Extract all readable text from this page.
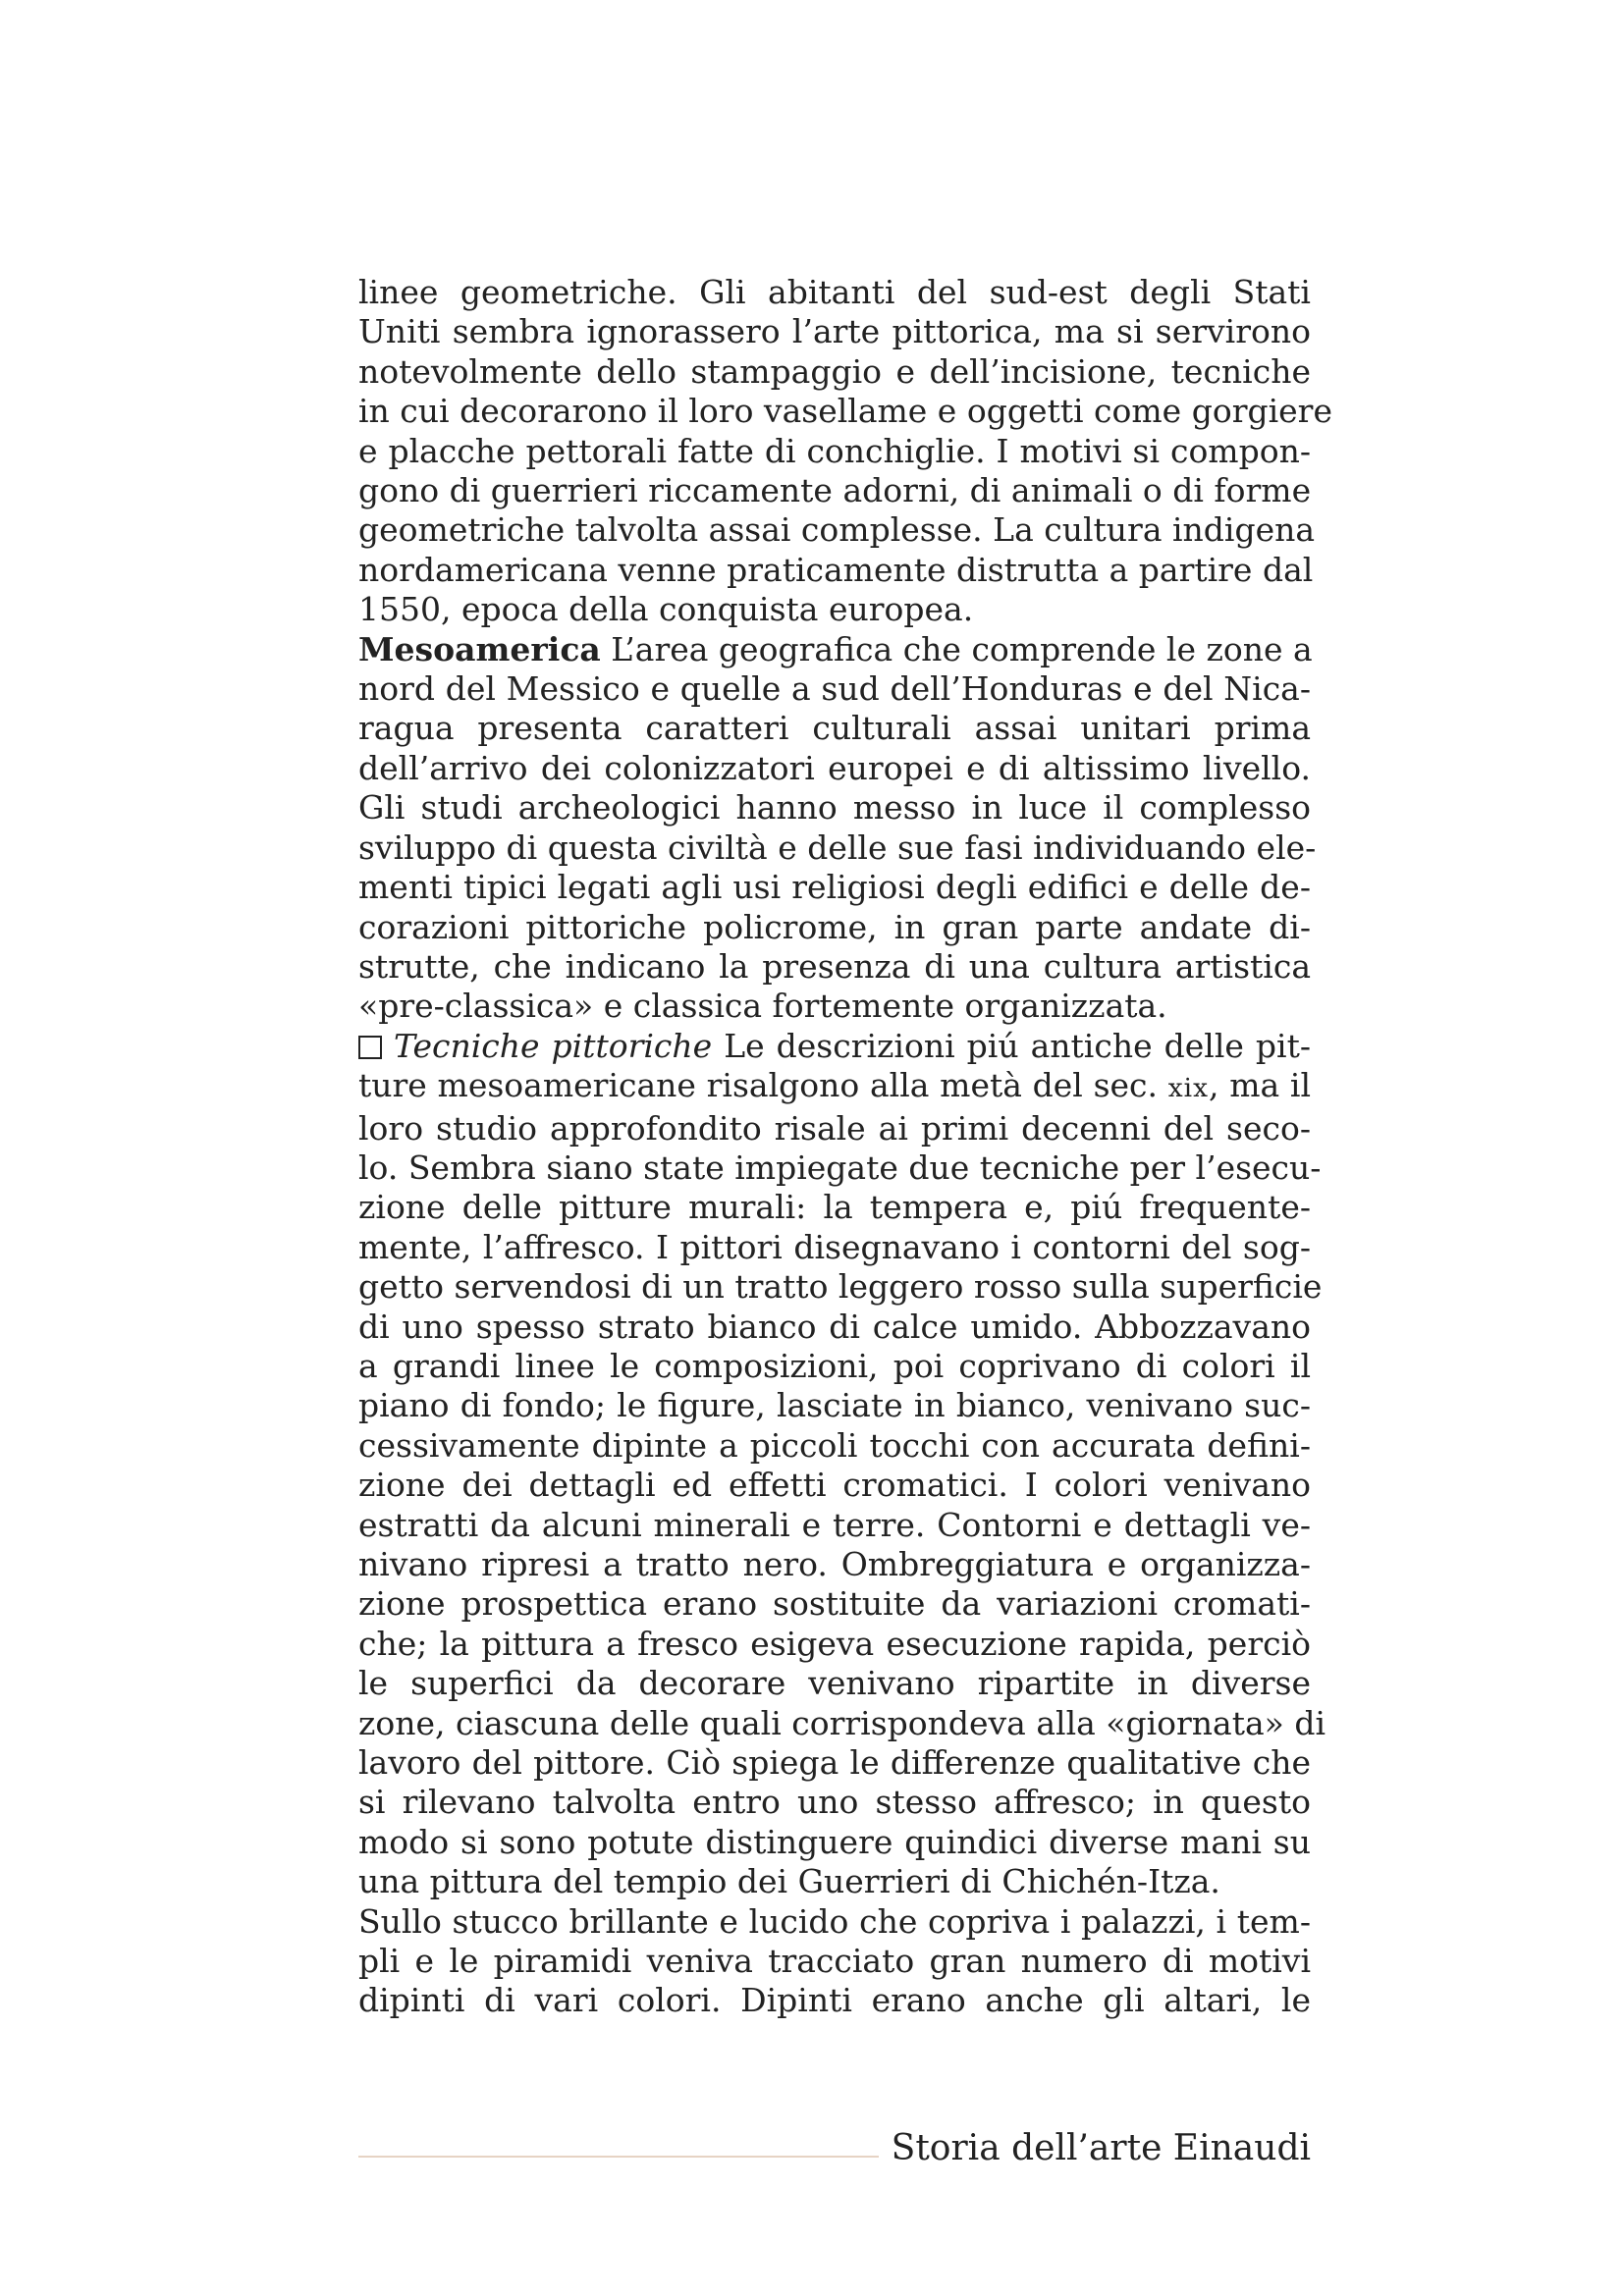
linee geometriche. Gli abitanti del sud-est degli Stati
Uniti sembra ignorassero l’arte pittorica, ma si servirono
notevolmente dello stampaggio e dell’incisione, tecniche
in cui decorarono il loro vasellame e oggetti come gorgiere
e placche pettorali fatte di conchiglie. I motivi si compon-
gono di guerrieri riccamente adorni, di animali o di forme
geometriche talvolta assai complesse. La cultura indigena
nordamericana venne praticamente distrutta a partire dal
1550, epoca della conquista europea.
Mesoamerica L’area geografica che comprende le zone a
nord del Messico e quelle a sud dell’Honduras e del Nica-
ragua presenta caratteri culturali assai unitari prima
dell’arrivo dei colonizzatori europei e di altissimo livello.
Gli studi archeologici hanno messo in luce il complesso
sviluppo di questa civiltà e delle sue fasi individuando ele-
menti tipici legati agli usi religiosi degli edifici e delle de-
corazioni pittoriche policrome, in gran parte andate di-
strutte, che indicano la presenza di una cultura artistica
«pre-classica» e classica fortemente organizzata.
Tecniche pittoriche Le descrizioni piú antiche delle pit-
ture mesoamericane risalgono alla metà del sec. xix, ma il
loro studio approfondito risale ai primi decenni del seco-
lo. Sembra siano state impiegate due tecniche per l’esecu-
zione delle pitture murali: la tempera e, piú frequente-
mente, l’affresco. I pittori disegnavano i contorni del sog-
getto servendosi di un tratto leggero rosso sulla superficie
di uno spesso strato bianco di calce umido. Abbozzavano
a grandi linee le composizioni, poi coprivano di colori il
piano di fondo; le figure, lasciate in bianco, venivano suc-
cessivamente dipinte a piccoli tocchi con accurata defini-
zione dei dettagli ed effetti cromatici. I colori venivano
estratti da alcuni minerali e terre. Contorni e dettagli ve-
nivano ripresi a tratto nero. Ombreggiatura e organizza-
zione prospettica erano sostituite da variazioni cromati-
che; la pittura a fresco esigeva esecuzione rapida, perciò
le superfici da decorare venivano ripartite in diverse
zone, ciascuna delle quali corrispondeva alla «giornata» di
lavoro del pittore. Ciò spiega le differenze qualitative che
si rilevano talvolta entro uno stesso affresco; in questo
modo si sono potute distinguere quindici diverse mani su
una pittura del tempio dei Guerrieri di Chichén-Itza.
Sullo stucco brillante e lucido che copriva i palazzi, i tem-
pli e le piramidi veniva tracciato gran numero di motivi
dipinti di vari colori. Dipinti erano anche gli altari, le
Storia dell’arte Einaudi
